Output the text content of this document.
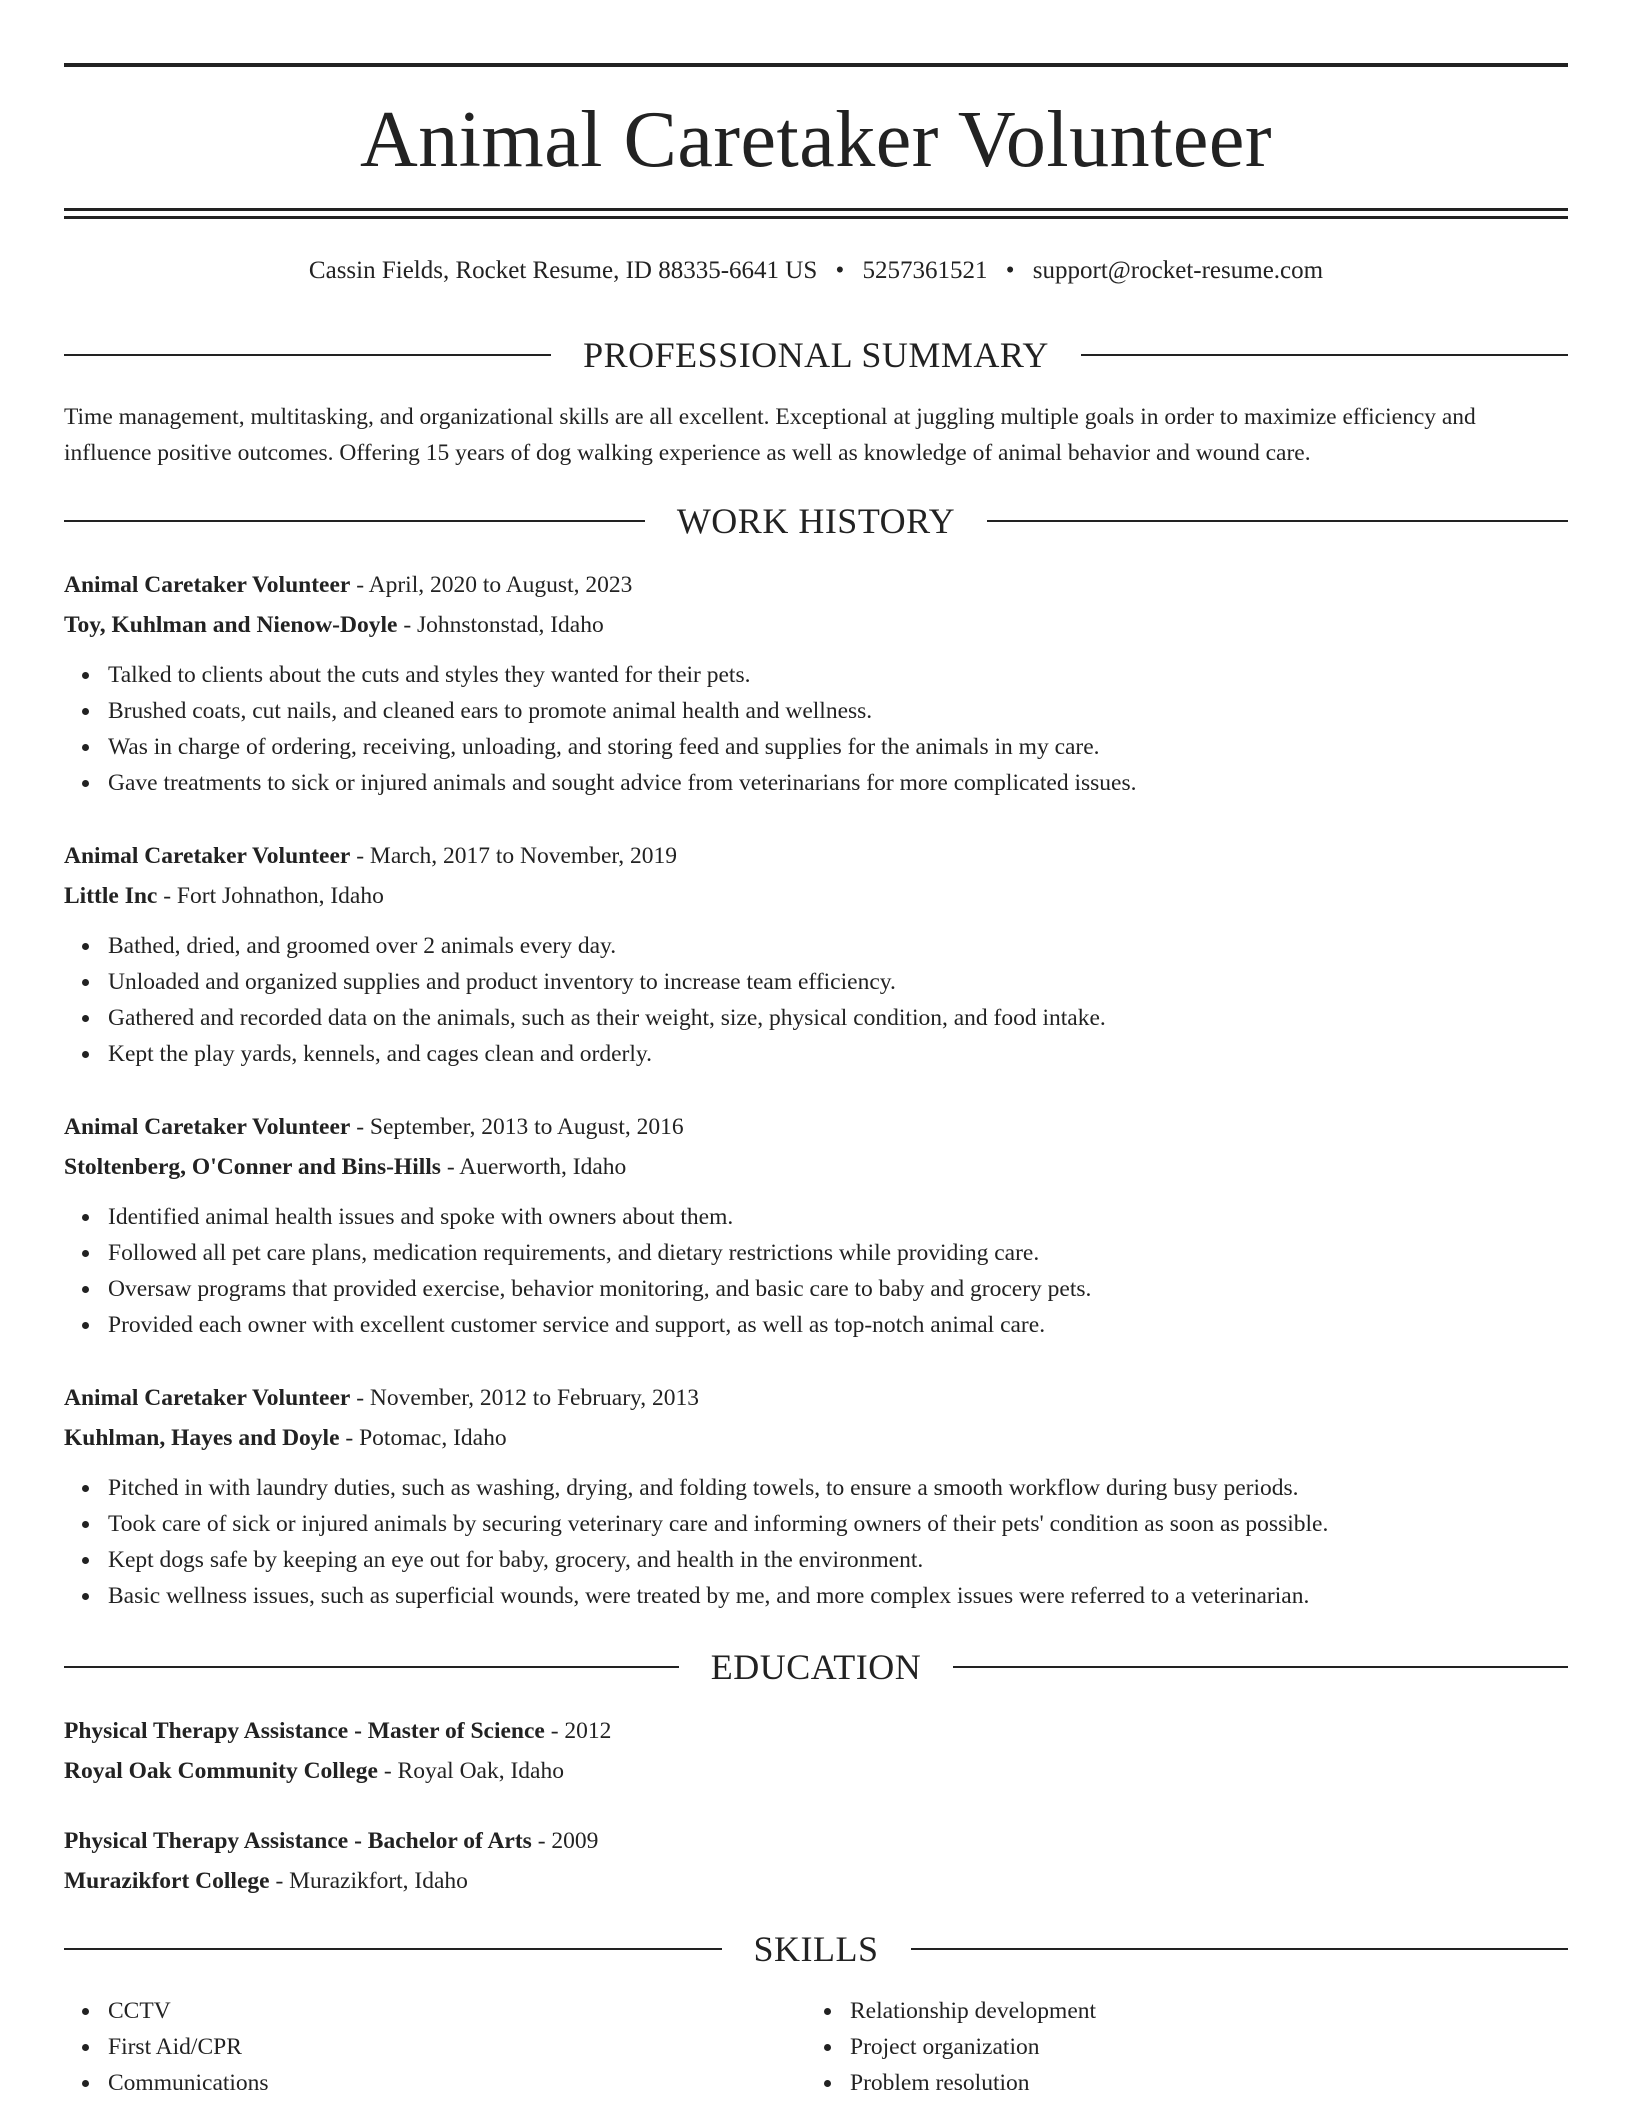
Animal Caretaker Volunteer
Cassin Fields, Rocket Resume, ID 88335-6641 US • 5257361521 • support@rocket-resume.com
PROFESSIONAL SUMMARY

Time management, multitasking, and organizational skills are all excellent. Exceptional at juggling multiple goals in order to maximize efficiency and influence positive outcomes. Offering 15 years of dog walking experience as well as knowledge of animal behavior and wound care.

WORK HISTORY

Animal Caretaker Volunteer - April, 2020 to August, 2023

Toy, Kuhlman and Nienow-Doyle - Johnstonstad, Idaho

Talked to clients about the cuts and styles they wanted for their pets.
Brushed coats, cut nails, and cleaned ears to promote animal health and wellness.
Was in charge of ordering, receiving, unloading, and storing feed and supplies for the animals in my care.
Gave treatments to sick or injured animals and sought advice from veterinarians for more complicated issues.

Animal Caretaker Volunteer - March, 2017 to November, 2019

Little Inc - Fort Johnathon, Idaho

Bathed, dried, and groomed over 2 animals every day.
Unloaded and organized supplies and product inventory to increase team efficiency.
Gathered and recorded data on the animals, such as their weight, size, physical condition, and food intake.
Kept the play yards, kennels, and cages clean and orderly.

Animal Caretaker Volunteer - September, 2013 to August, 2016

Stoltenberg, O'Conner and Bins-Hills - Auerworth, Idaho

Identified animal health issues and spoke with owners about them.
Followed all pet care plans, medication requirements, and dietary restrictions while providing care.
Oversaw programs that provided exercise, behavior monitoring, and basic care to baby and grocery pets.
Provided each owner with excellent customer service and support, as well as top-notch animal care.

Animal Caretaker Volunteer - November, 2012 to February, 2013

Kuhlman, Hayes and Doyle - Potomac, Idaho

Pitched in with laundry duties, such as washing, drying, and folding towels, to ensure a smooth workflow during busy periods.
Took care of sick or injured animals by securing veterinary care and informing owners of their pets' condition as soon as possible.
Kept dogs safe by keeping an eye out for baby, grocery, and health in the environment.
Basic wellness issues, such as superficial wounds, were treated by me, and more complex issues were referred to a veterinarian.
EDUCATION

Physical Therapy Assistance - Master of Science - 2012

Royal Oak Community College - Royal Oak, Idaho

Physical Therapy Assistance - Bachelor of Arts - 2009

Murazikfort College - Murazikfort, Idaho

SKILLS
CCTV
First Aid/CPR
Communications
Relationship development
Project organization
Problem resolution
